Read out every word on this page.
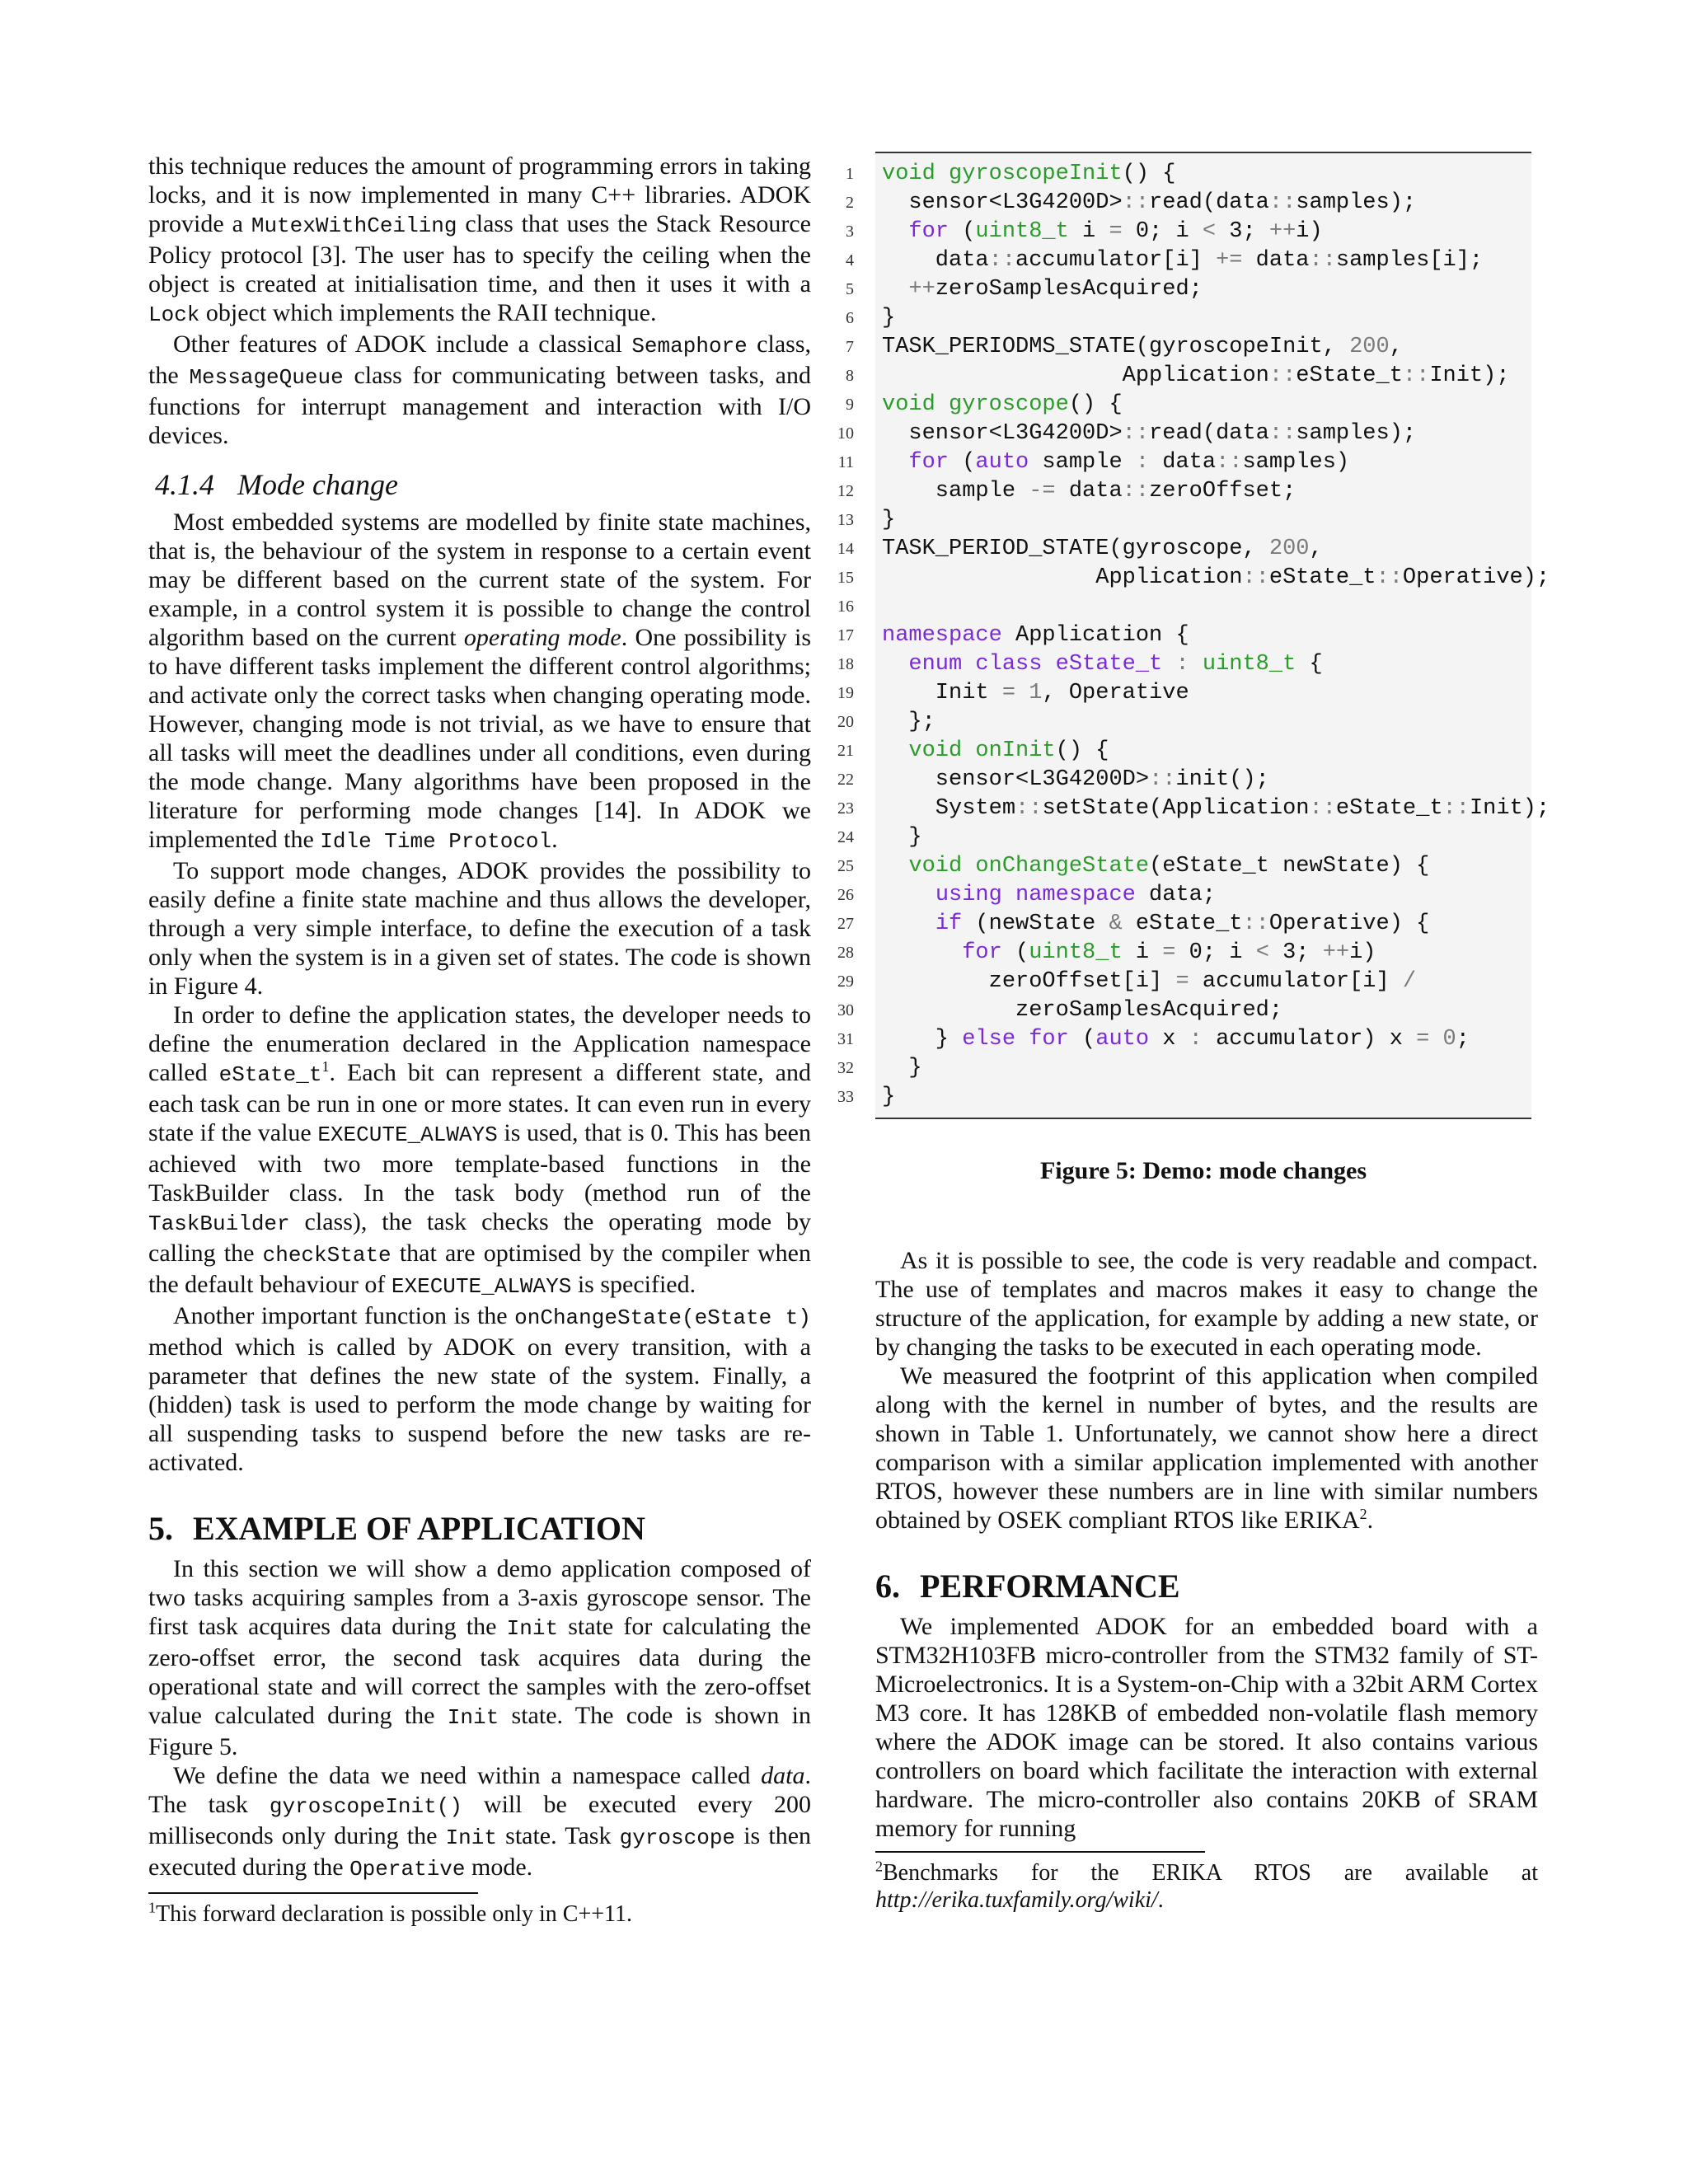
this technique reduces the amount of programming errors in taking locks, and it is now implemented in many C++ libraries. ADOK provide a MutexWithCeiling class that uses the Stack Resource Policy protocol [3]. The user has to specify the ceiling when the object is created at initialisation time, and then it uses it with a Lock object which implements the RAII technique.

Other features of ADOK include a classical Semaphore class, the MessageQueue class for communicating between tasks, and functions for interrupt management and interaction with I/O devices.

4.1.4 Mode change

Most embedded systems are modelled by finite state machines, that is, the behaviour of the system in response to a certain event may be different based on the current state of the system. For example, in a control system it is possible to change the control algorithm based on the current operating mode. One possibility is to have different tasks implement the different control algorithms; and activate only the correct tasks when changing operating mode. However, changing mode is not trivial, as we have to ensure that all tasks will meet the deadlines under all conditions, even during the mode change. Many algorithms have been proposed in the literature for performing mode changes [14]. In ADOK we implemented the Idle Time Protocol.

To support mode changes, ADOK provides the possibility to easily define a finite state machine and thus allows the developer, through a very simple interface, to define the execution of a task only when the system is in a given set of states. The code is shown in Figure 4.

In order to define the application states, the developer needs to define the enumeration declared in the Application namespace called $eState\_t^1$. Each bit can represent a different state, and each task can be run in one or more states. It can even run in every state if the value EXECUTE_ALWAYS is used, that is 0. This has been achieved with two more template-based functions in the TaskBuilder class. In the task body (method run of the TaskBuilder class), the task checks the operating mode by calling the checkState that are optimised by the compiler when the default behaviour of EXECUTE_ALWAYS is specified.

Another important function is the onChangeState(eState t) method which is called by ADOK on every transition, with a parameter that defines the new state of the system. Finally, a (hidden) task is used to perform the mode change by waiting for all suspending tasks to suspend before the new tasks are re-activated.

5. EXAMPLE OF APPLICATION

In this section we will show a demo application composed of two tasks acquiring samples from a 3-axis gyroscope sensor. The first task acquires data during the Init state for calculating the zero-offset error, the second task acquires data during the operational state and will correct the samples with the zero-offset value calculated during the Init state. The code is shown in Figure 5.

We define the data we need within a namespace called data. The task gyroscopeInit() will be executed every 200 milliseconds only during the Init state. Task gyroscope is then executed during the Operative mode.

$^1$This forward declaration is possible only in C++11.
1 void gyroscopeInit() {
2 sensor<L3G4200D>::read(data::samples);
3	for (uint8_t i = 0; i < 3; ++i)
4 data::accumulator[i] += data::samples[i];
5	++zeroSamplesAcquired;
6 }
7 TASK_PERIODMS_STATE(gyroscopeInit, 200,
8 Application::eState_t::Init);
9 void gyroscope() {
10 sensor<L3G4200D>::read(data::samples);
11	for (auto sample : data::samples)
12 sample -= data::zeroOffset;
13 }
14 TASK_PERIOD_STATE(gyroscope, 200,
15 Application::eState_t::Operative);
16
17 namespace Application {
18	enum class eState_t : uint8_t {
19 Init = 1, Operative
20 };
21	void onInit() {
22 sensor<L3G4200D>::init();
23 System::setState(Application::eState_t::Init);
24 }
25	void onChangeState(eState_t newState) {
26	using namespace data;
27	if (newState & eState_t::Operative) {
28	for (uint8_t i = 0; i < 3; ++i)
29 zeroOffset[i] = accumulator[i] /
30 zeroSamplesAcquired;
31 } else for (auto x : accumulator) x = 0;
32 }
33 }
Figure 5: Demo: mode changes

As it is possible to see, the code is very readable and compact. The use of templates and macros makes it easy to change the structure of the application, for example by adding a new state, or by changing the tasks to be executed in each operating mode.

We measured the footprint of this application when compiled along with the kernel in number of bytes, and the results are shown in Table 1. Unfortunately, we cannot show here a direct comparison with a similar application implemented with another RTOS, however these numbers are in line with similar numbers obtained by OSEK compliant RTOS like ERIKA$^2$.

6. PERFORMANCE

We implemented ADOK for an embedded board with a STM32H103FB micro-controller from the STM32 family of ST-Microelectronics. It is a System-on-Chip with a 32bit ARM Cortex M3 core. It has 128KB of embedded non-volatile flash memory where the ADOK image can be stored. It also contains various controllers on board which facilitate the interaction with external hardware. The micro-controller also contains 20KB of SRAM memory for running

$^2$Benchmarks for the ERIKA RTOS are available at http://erika.tuxfamily.org/wiki/.
